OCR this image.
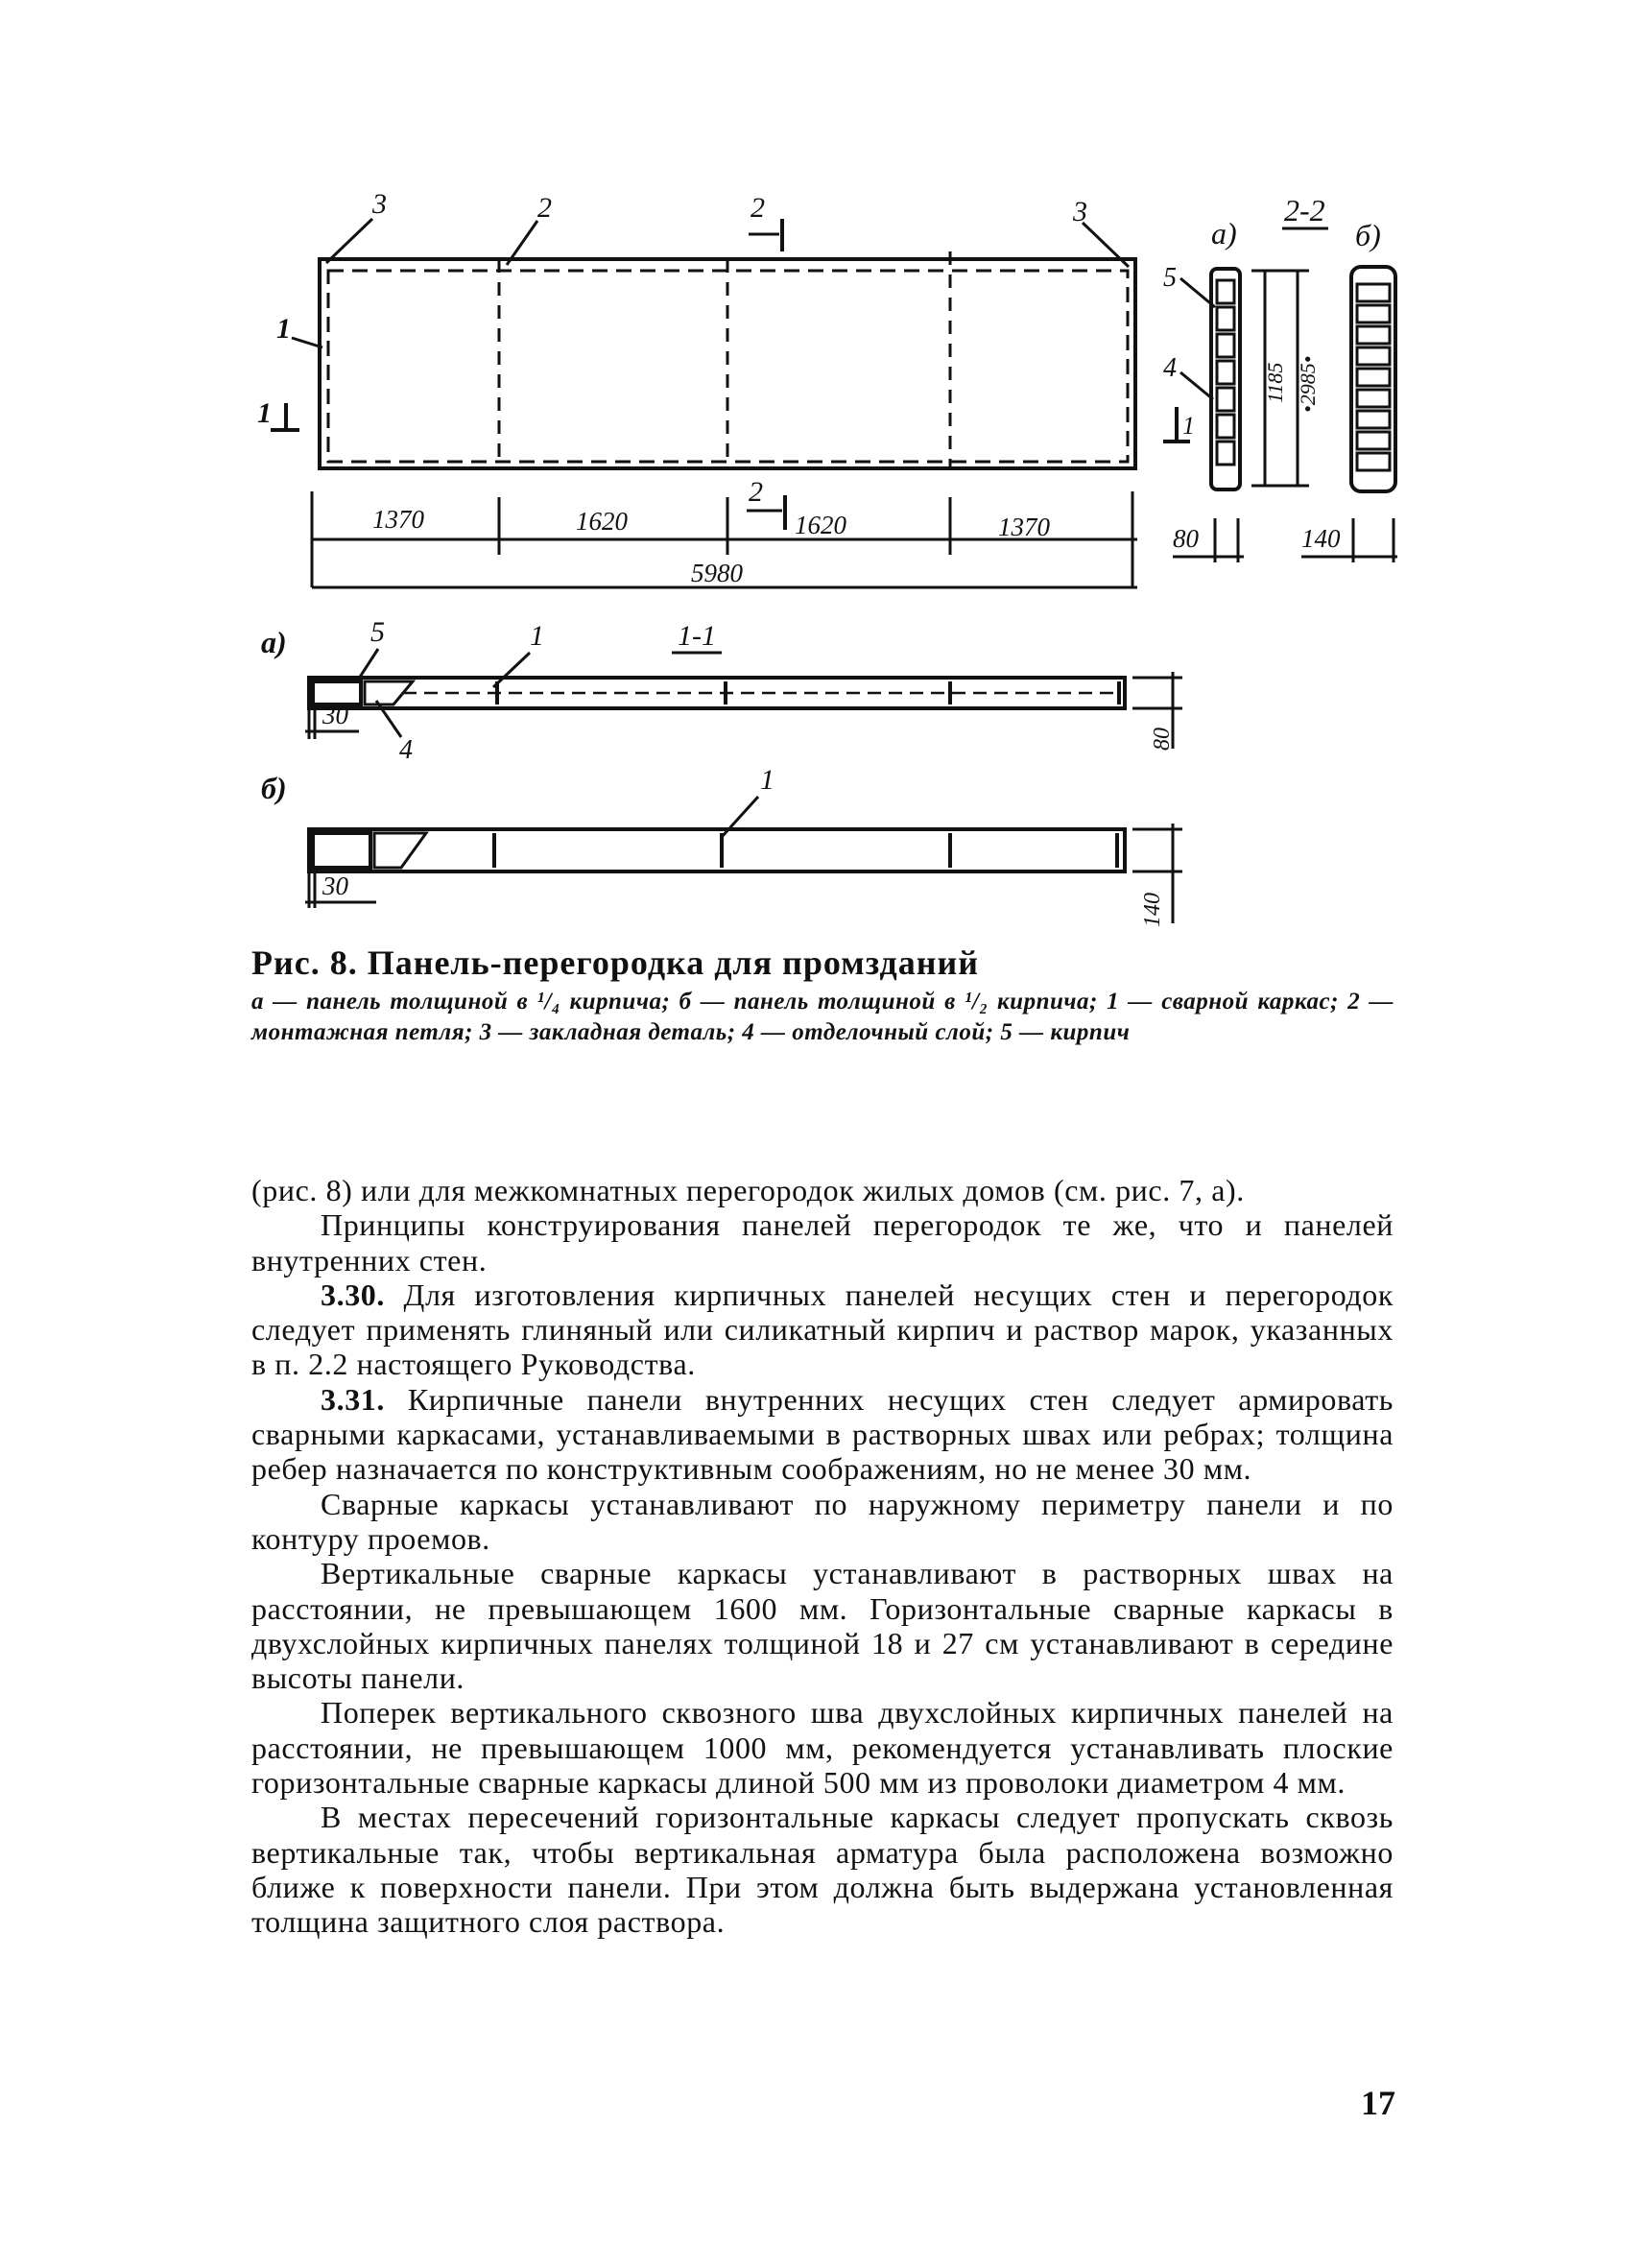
1370	1620	1620	1370
5980
3	2	2	3
1
1
2
а)
2-2
б)
5
4
1
1185 •2985•
80	140
а)	5	1	1-1
4
30
80
б)	1
30
140
Рис. 8. Панель-перегородка для промзданий
а — панель толщиной в ¹/₄ кирпича; б — панель толщиной в ¹/₂ кирпича; 1 — сварной каркас; 2 — монтажная петля; 3 — закладная деталь; 4 — отделочный слой; 5 — кирпич

(рис. 8) или для межкомнатных перегородок жилых домов (см. рис. 7, а).

Принципы конструирования панелей перегородок те же, что и панелей внутренних стен.

3.30. Для изготовления кирпичных панелей несущих стен и перегородок следует применять глиняный или силикатный кирпич и раствор марок, указанных в п. 2.2 настоящего Руководства.

3.31. Кирпичные панели внутренних несущих стен следует армировать сварными каркасами, устанавливаемыми в растворных швах или ребрах; толщина ребер назначается по конструктивным соображениям, но не менее 30 мм.

Сварные каркасы устанавливают по наружному периметру панели и по контуру проемов.

Вертикальные сварные каркасы устанавливают в растворных швах на расстоянии, не превышающем 1600 мм. Горизонтальные сварные каркасы в двухслойных кирпичных панелях толщиной 18 и 27 см устанавливают в середине высоты панели.

Поперек вертикального сквозного шва двухслойных кирпичных панелей на расстоянии, не превышающем 1000 мм, рекомендуется устанавливать плоские горизонтальные сварные каркасы длиной 500 мм из проволоки диаметром 4 мм.

В местах пересечений горизонтальные каркасы следует пропускать сквозь вертикальные так, чтобы вертикальная арматура была расположена возможно ближе к поверхности панели. При этом должна быть выдержана установленная толщина защитного слоя раствора.

17
